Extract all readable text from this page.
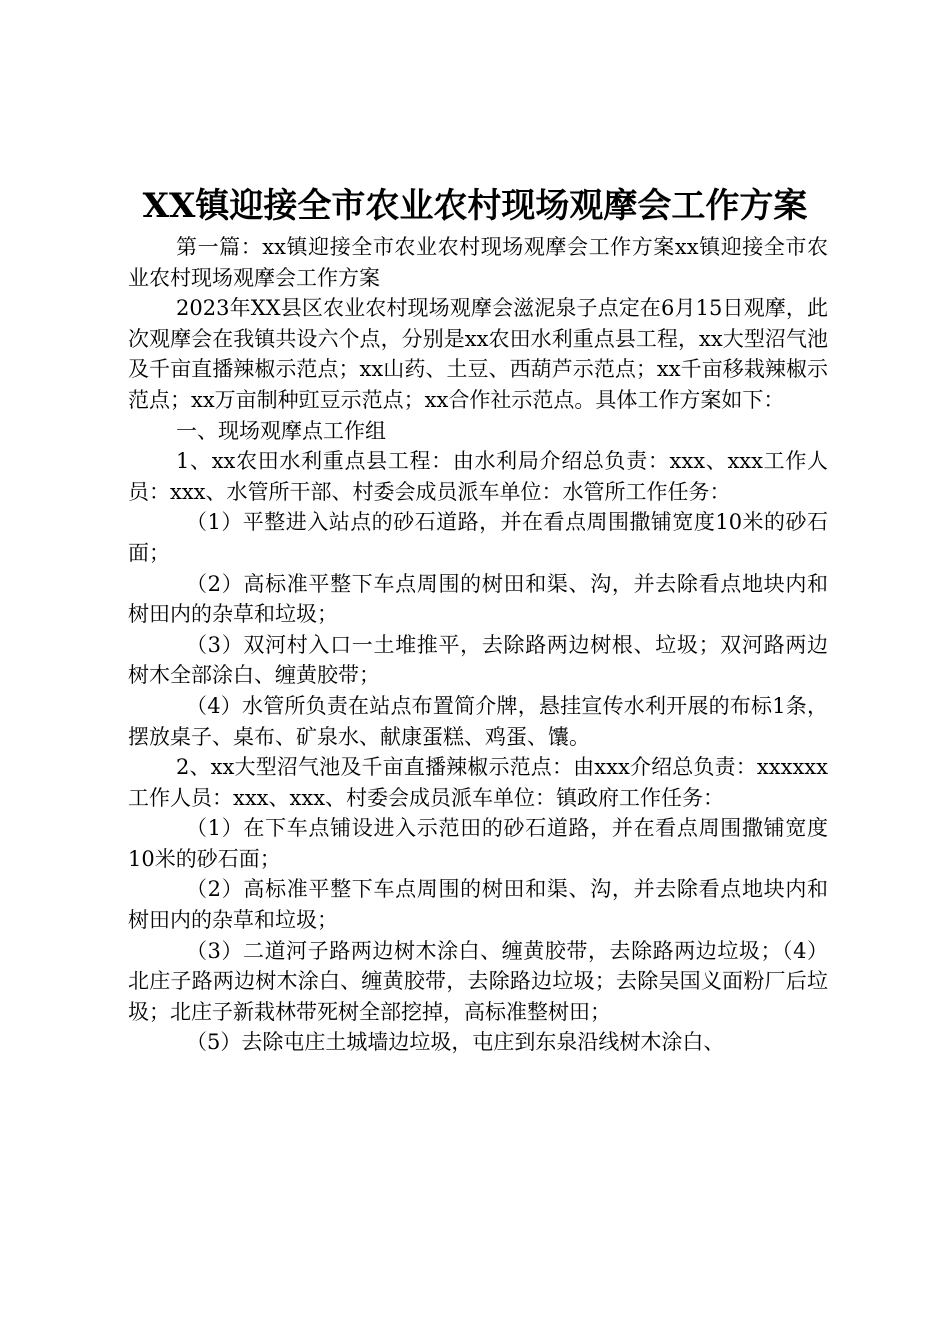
XX镇迎接全市农业农村现场观摩会工作方案

第一篇：xx镇迎接全市农业农村现场观摩会工作方案xx镇迎接全市农业农村现场观摩会工作方案

2023年XX县区农业农村现场观摩会滋泥泉子点定在6月15日观摩，此次观摩会在我镇共设六个点，分别是xx农田水利重点县工程，xx大型沼气池及千亩直播辣椒示范点；xx山药、土豆、西葫芦示范点；xx千亩移栽辣椒示范点；xx万亩制种豇豆示范点；xx合作社示范点。具体工作方案如下：

一、现场观摩点工作组

1、xx农田水利重点县工程：由水利局介绍总负责：xxx、xxx工作人员：xxx、水管所干部、村委会成员派车单位：水管所工作任务：

（1）平整进入站点的砂石道路，并在看点周围撒铺宽度10米的砂石面；

（2）高标准平整下车点周围的树田和渠、沟，并去除看点地块内和树田内的杂草和垃圾；

（3）双河村入口一土堆推平，去除路两边树根、垃圾；双河路两边树木全部涂白、缠黄胶带；

（4）水管所负责在站点布置简介牌，悬挂宣传水利开展的布标1条，摆放桌子、桌布、矿泉水、献康蛋糕、鸡蛋、馕。

2、xx大型沼气池及千亩直播辣椒示范点：由xxx介绍总负责：xxxxxx工作人员：xxx、xxx、村委会成员派车单位：镇政府工作任务：

（1）在下车点铺设进入示范田的砂石道路，并在看点周围撒铺宽度10米的砂石面；

（2）高标准平整下车点周围的树田和渠、沟，并去除看点地块内和树田内的杂草和垃圾；

（3）二道河子路两边树木涂白、缠黄胶带，去除路两边垃圾；（4）北庄子路两边树木涂白、缠黄胶带，去除路边垃圾；去除吴国义面粉厂后垃圾；北庄子新栽林带死树全部挖掉，高标准整树田；

（5）去除屯庄土城墙边垃圾，屯庄到东泉沿线树木涂白、
